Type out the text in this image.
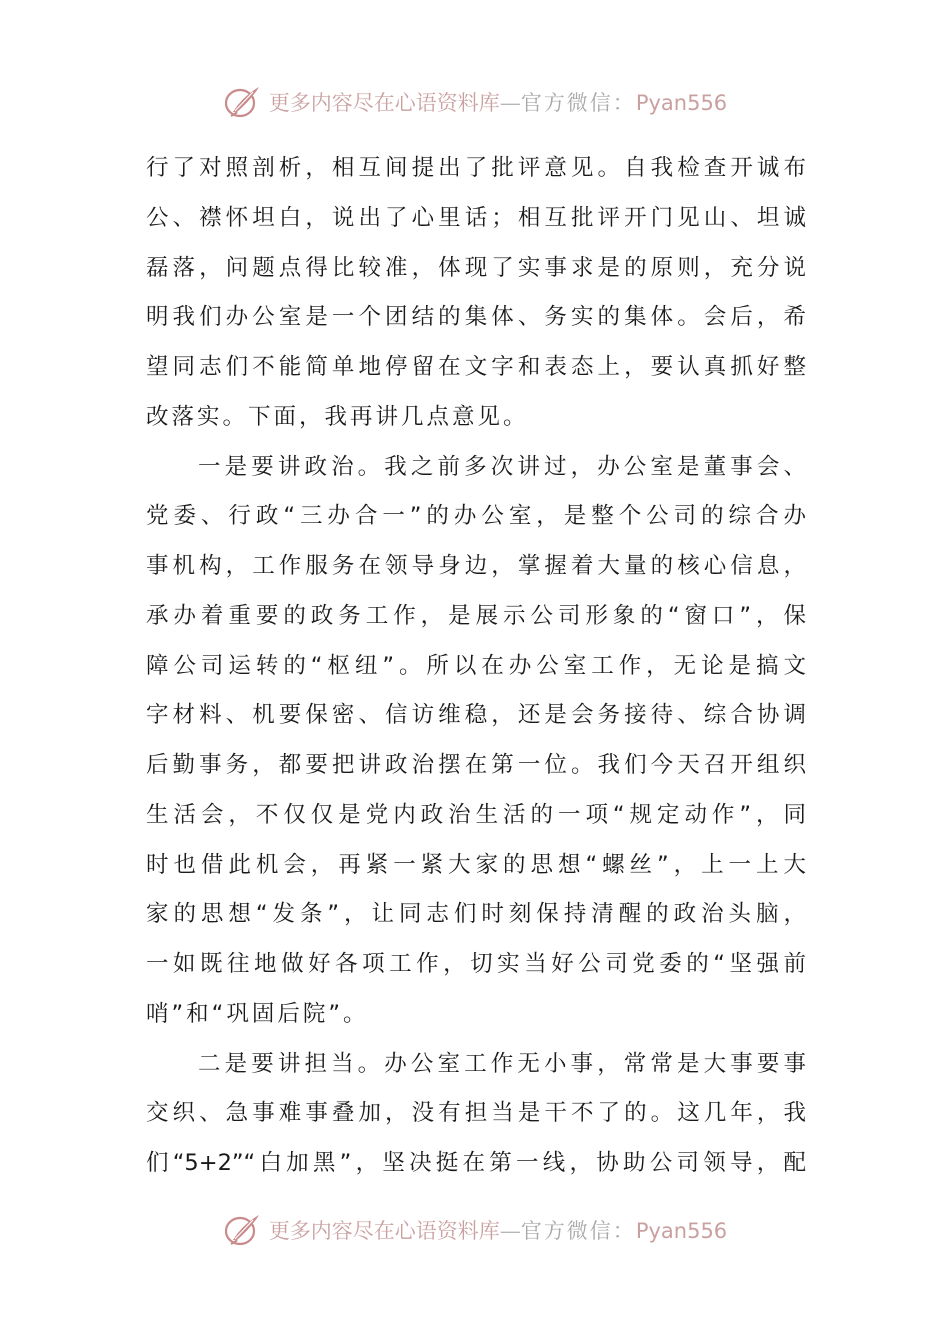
更多内容尽在心语资料库—官方微信：Pyan556
行了对照剖析，相互间提出了批评意见。自我检查开诚布
公、襟怀坦白，说出了心里话；相互批评开门见山、坦诚
磊落，问题点得比较准，体现了实事求是的原则，充分说
明我们办公室是一个团结的集体、务实的集体。会后，希
望同志们不能简单地停留在文字和表态上，要认真抓好整
改落实。下面，我再讲几点意见。
一是要讲政治。我之前多次讲过，办公室是董事会、
党委、行政“三办合一”的办公室，是整个公司的综合办
事机构，工作服务在领导身边，掌握着大量的核心信息，
承办着重要的政务工作，是展示公司形象的“窗口”，保
障公司运转的“枢纽”。所以在办公室工作，无论是搞文
字材料、机要保密、信访维稳，还是会务接待、综合协调
后勤事务，都要把讲政治摆在第一位。我们今天召开组织
生活会，不仅仅是党内政治生活的一项“规定动作”，同
时也借此机会，再紧一紧大家的思想“螺丝”，上一上大
家的思想“发条”，让同志们时刻保持清醒的政治头脑，
一如既往地做好各项工作，切实当好公司党委的“坚强前
哨”和“巩固后院”。
二是要讲担当。办公室工作无小事，常常是大事要事
交织、急事难事叠加，没有担当是干不了的。这几年，我
们“5+2”“白加黑”，坚决挺在第一线，协助公司领导，配
更多内容尽在心语资料库—官方微信：Pyan556
